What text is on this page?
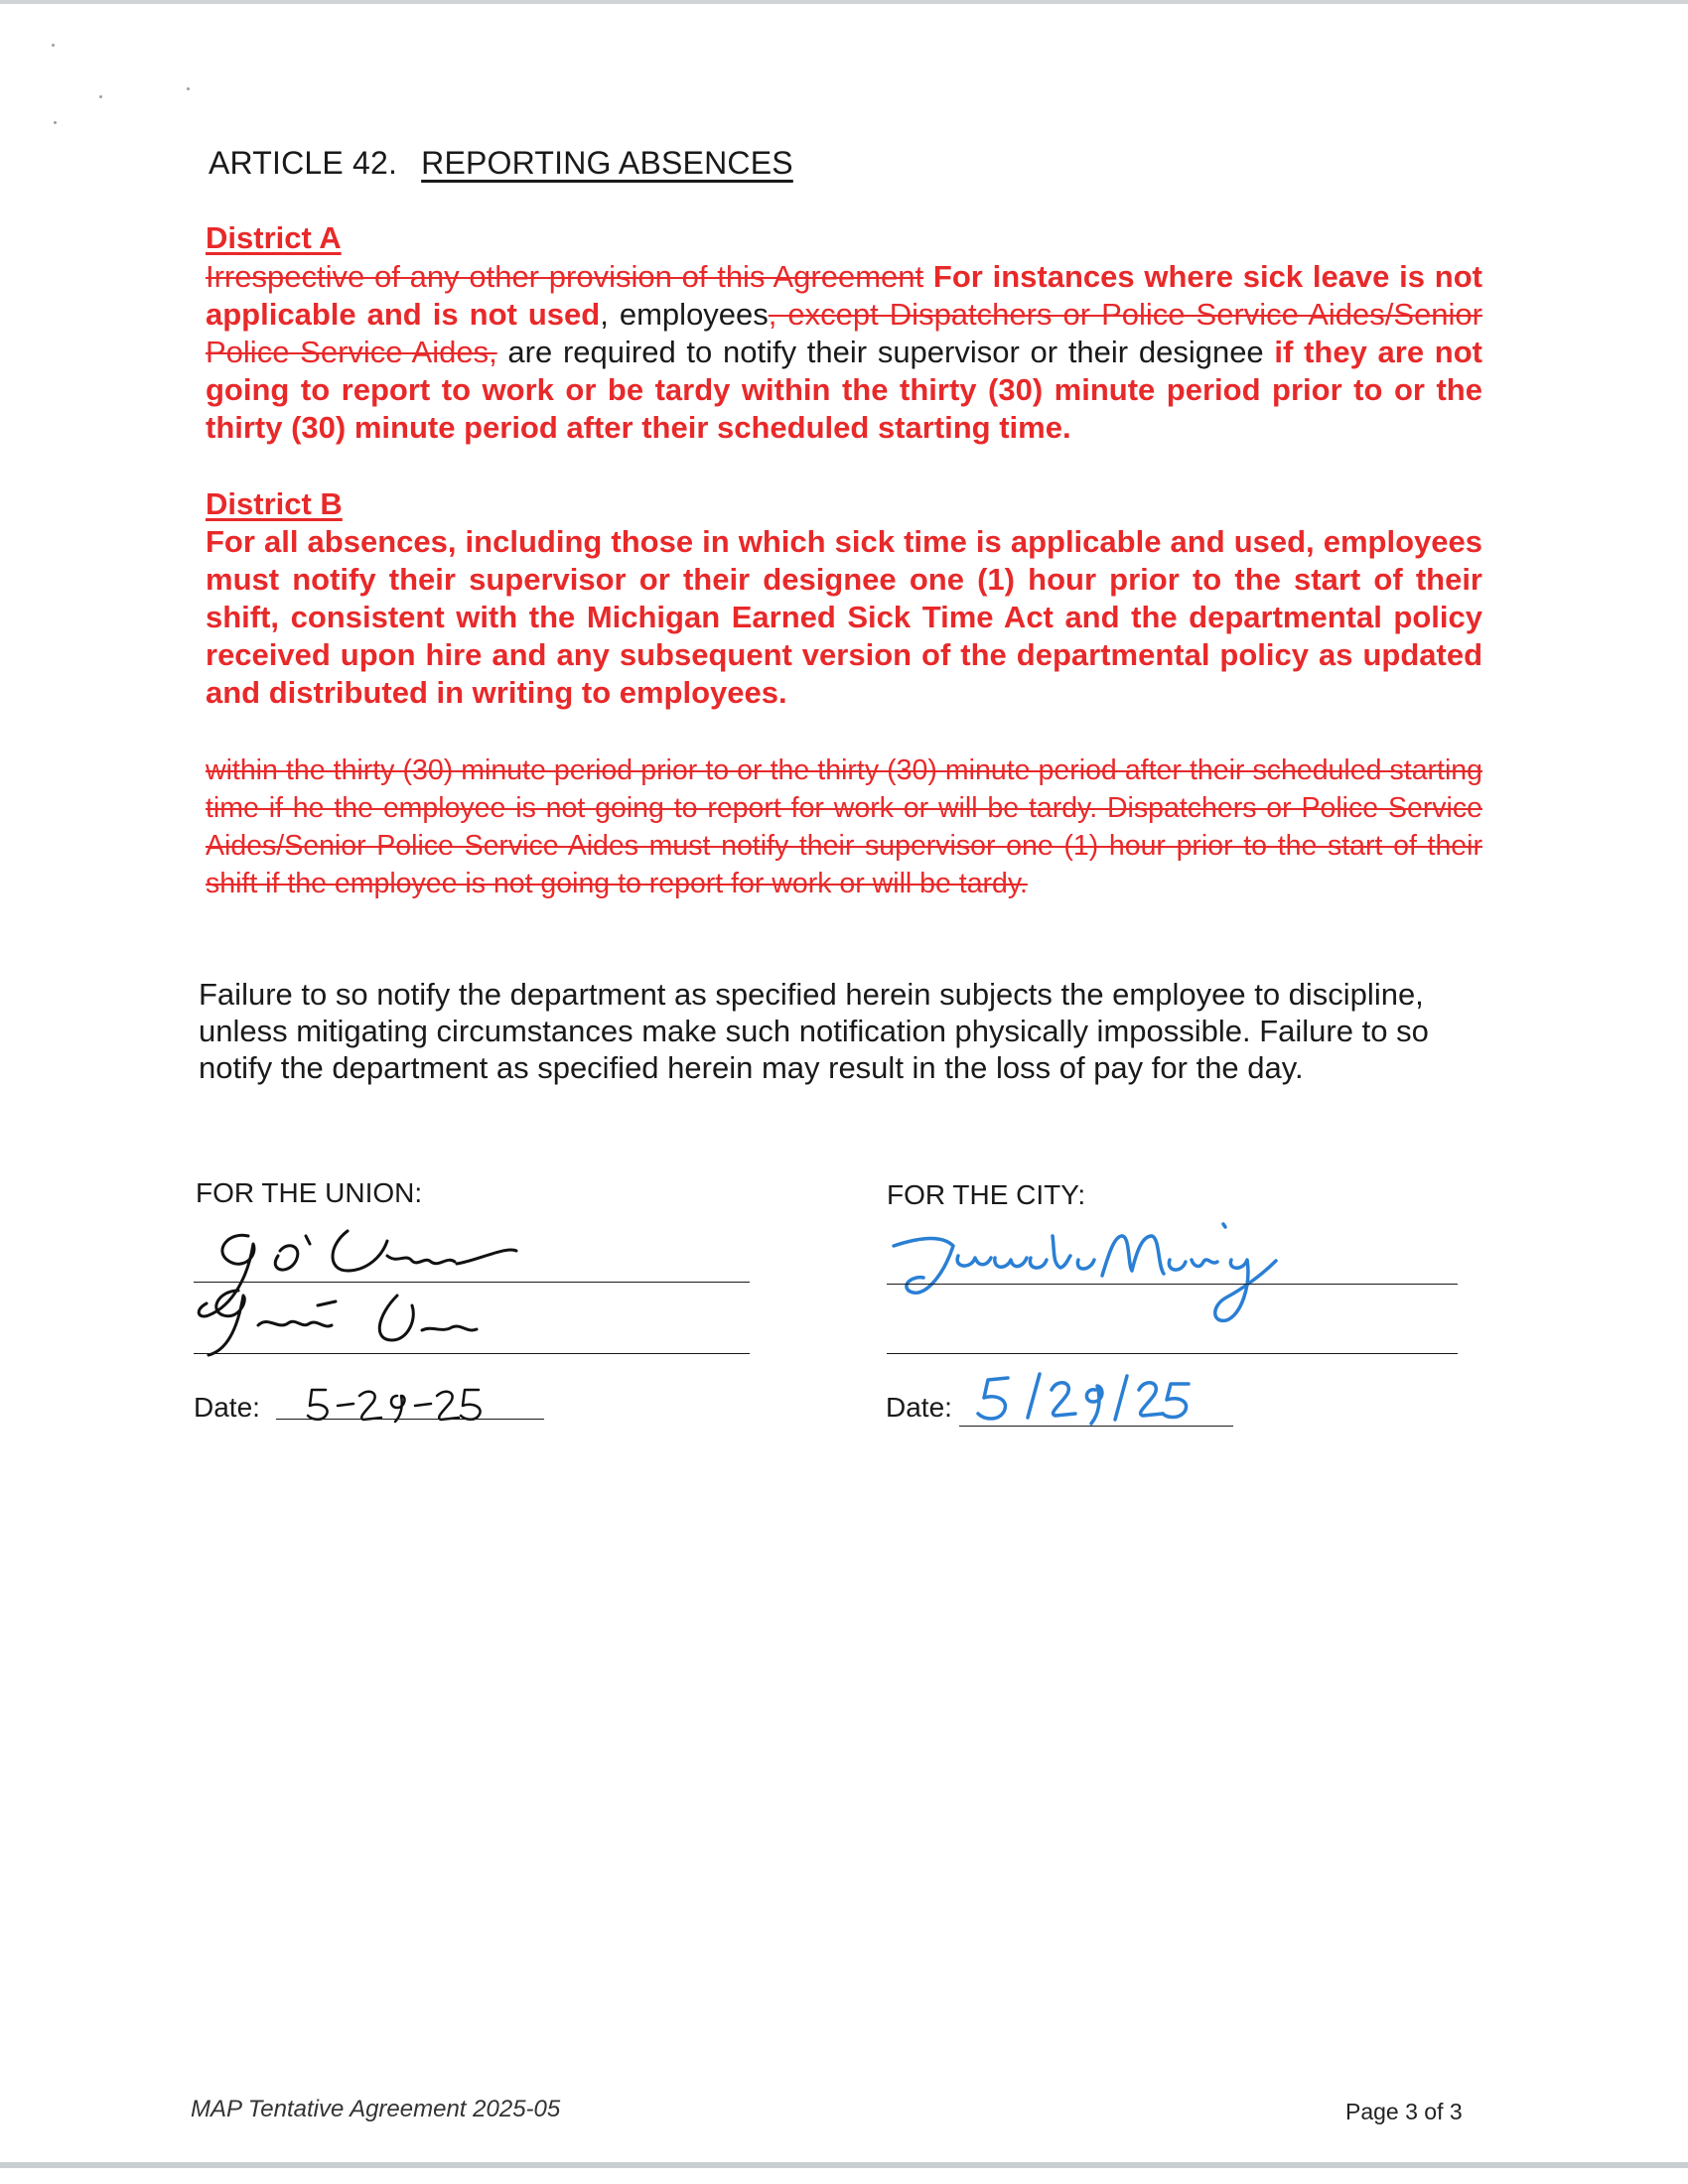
ARTICLE 42. REPORTING ABSENCES
District A
Irrespective of any other provision of this Agreement For instances where sick leave is not applicable and is not used, employees, except Dispatchers or Police Service Aides/Senior Police Service Aides, are required to notify their supervisor or their designee if they are not going to report to work or be tardy within the thirty (30) minute period prior to or the thirty (30) minute period after their scheduled starting time.
District B
For all absences, including those in which sick time is applicable and used, employees must notify their supervisor or their designee one (1) hour prior to the start of their shift, consistent with the Michigan Earned Sick Time Act and the departmental policy received upon hire and any subsequent version of the departmental policy as updated and distributed in writing to employees.
within the thirty (30) minute period prior to or the thirty (30) minute period after their scheduled starting time if he the employee is not going to report for work or will be tardy. Dispatchers or Police Service Aides/Senior Police Service Aides must notify their supervisor one (1) hour prior to the start of their shift if the employee is not going to report for work or will be tardy.
Failure to so notify the department as specified herein subjects the employee to discipline, unless mitigating circumstances make such notification physically impossible. Failure to so notify the department as specified herein may result in the loss of pay for the day.
FOR THE UNION:
Date:
FOR THE CITY:
Date:
MAP Tentative Agreement 2025-05	Page 3 of 3
